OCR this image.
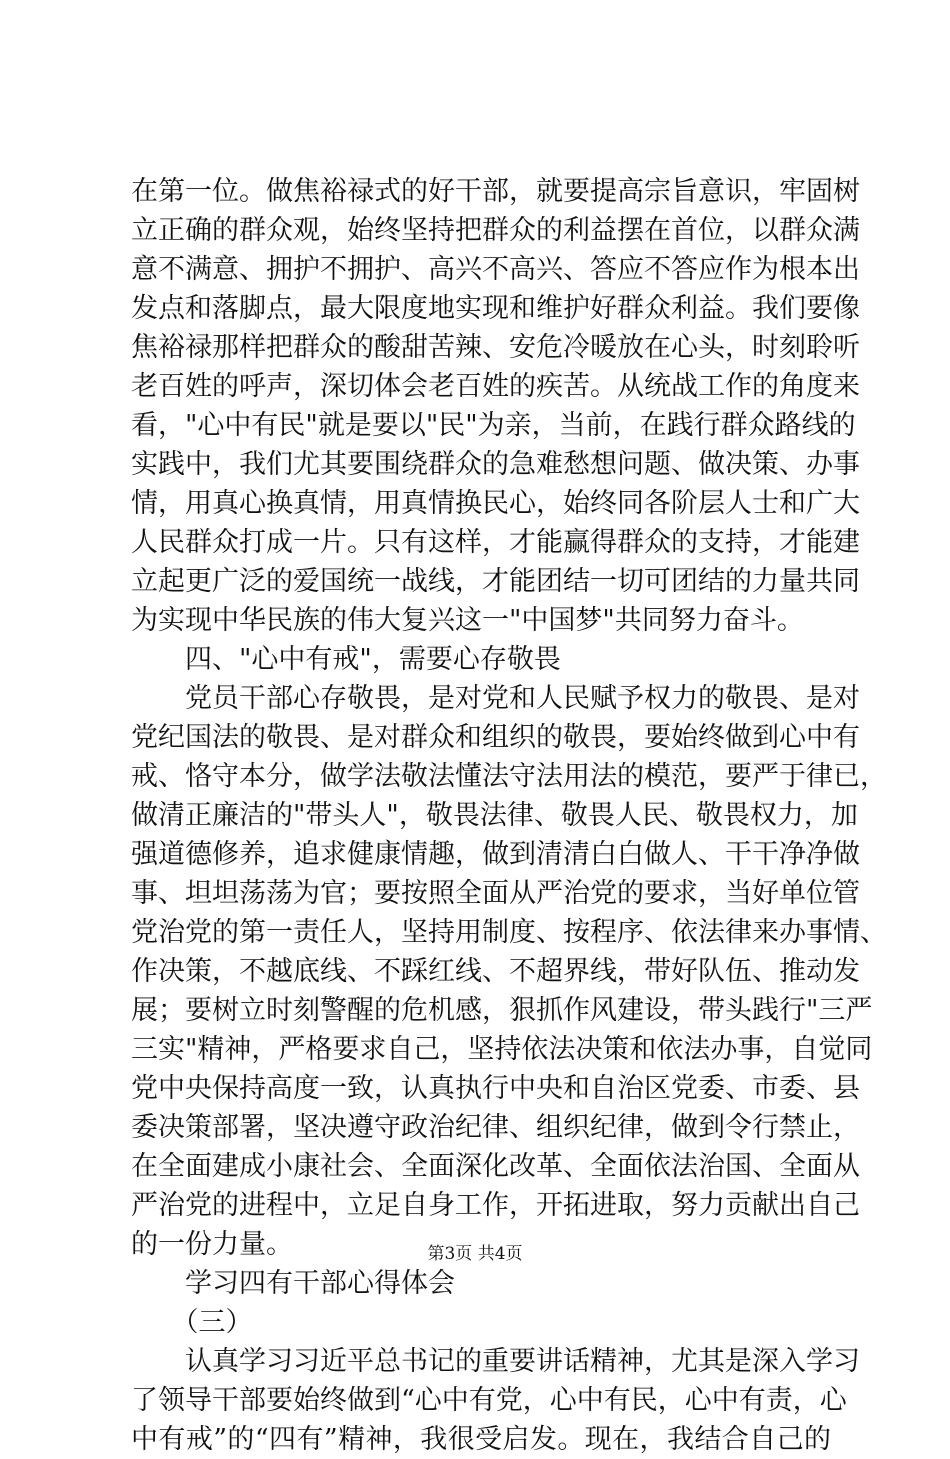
在第一位。做焦裕禄式的好干部，就要提高宗旨意识，牢固树
立正确的群众观，始终坚持把群众的利益摆在首位，以群众满
意不满意、拥护不拥护、高兴不高兴、答应不答应作为根本出
发点和落脚点，最大限度地实现和维护好群众利益。我们要像
焦裕禄那样把群众的酸甜苦辣、安危冷暖放在心头，时刻聆听
老百姓的呼声，深切体会老百姓的疾苦。从统战工作的角度来
看，"心中有民"就是要以"民"为亲，当前，在践行群众路线的
实践中，我们尤其要围绕群众的急难愁想问题、做决策、办事
情，用真心换真情，用真情换民心，始终同各阶层人士和广大
人民群众打成一片。只有这样，才能赢得群众的支持，才能建
立起更广泛的爱国统一战线，才能团结一切可团结的力量共同
为实现中华民族的伟大复兴这一"中国梦"共同努力奋斗。
　　四、"心中有戒"，需要心存敬畏
　　党员干部心存敬畏，是对党和人民赋予权力的敬畏、是对
党纪国法的敬畏、是对群众和组织的敬畏，要始终做到心中有
戒、恪守本分，做学法敬法懂法守法用法的模范，要严于律已，
做清正廉洁的"带头人"，敬畏法律、敬畏人民、敬畏权力，加
强道德修养，追求健康情趣，做到清清白白做人、干干净净做
事、坦坦荡荡为官；要按照全面从严治党的要求，当好单位管
党治党的第一责任人，坚持用制度、按程序、依法律来办事情、
作决策，不越底线、不踩红线、不超界线，带好队伍、推动发
展；要树立时刻警醒的危机感，狠抓作风建设，带头践行"三严
三实"精神，严格要求自己，坚持依法决策和依法办事，自觉同
党中央保持高度一致，认真执行中央和自治区党委、市委、县
委决策部署，坚决遵守政治纪律、组织纪律，做到令行禁止，
在全面建成小康社会、全面深化改革、全面依法治国、全面从
严治党的进程中，立足自身工作，开拓进取，努力贡献出自己
的一份力量。
　　学习四有干部心得体会
　　（三）
　　认真学习习近平总书记的重要讲话精神，尤其是深入学习
了领导干部要始终做到“心中有党，心中有民，心中有责，心
中有戒”的“四有”精神，我很受启发。现在，我结合自己的
第3页 共4页
